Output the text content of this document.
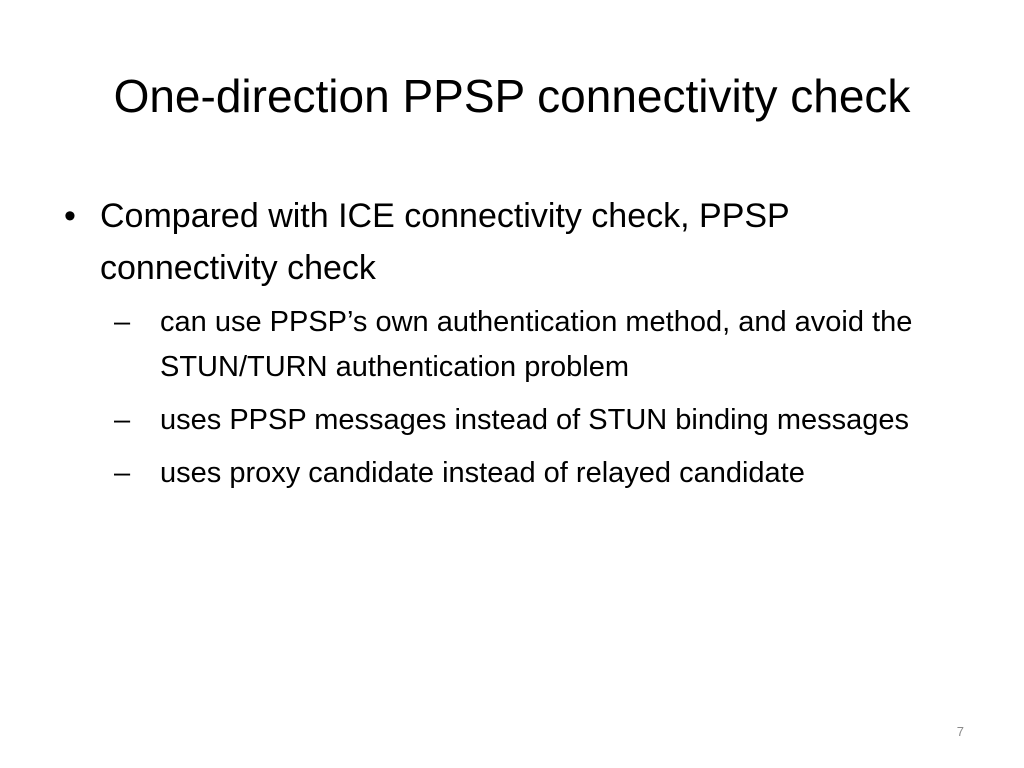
One-direction PPSP connectivity check
• Compared with ICE connectivity check, PPSP connectivity check
– can use PPSP’s own authentication method, and avoid the STUN/TURN authentication problem
– uses PPSP messages instead of STUN binding messages
– uses proxy candidate instead of relayed candidate
7
